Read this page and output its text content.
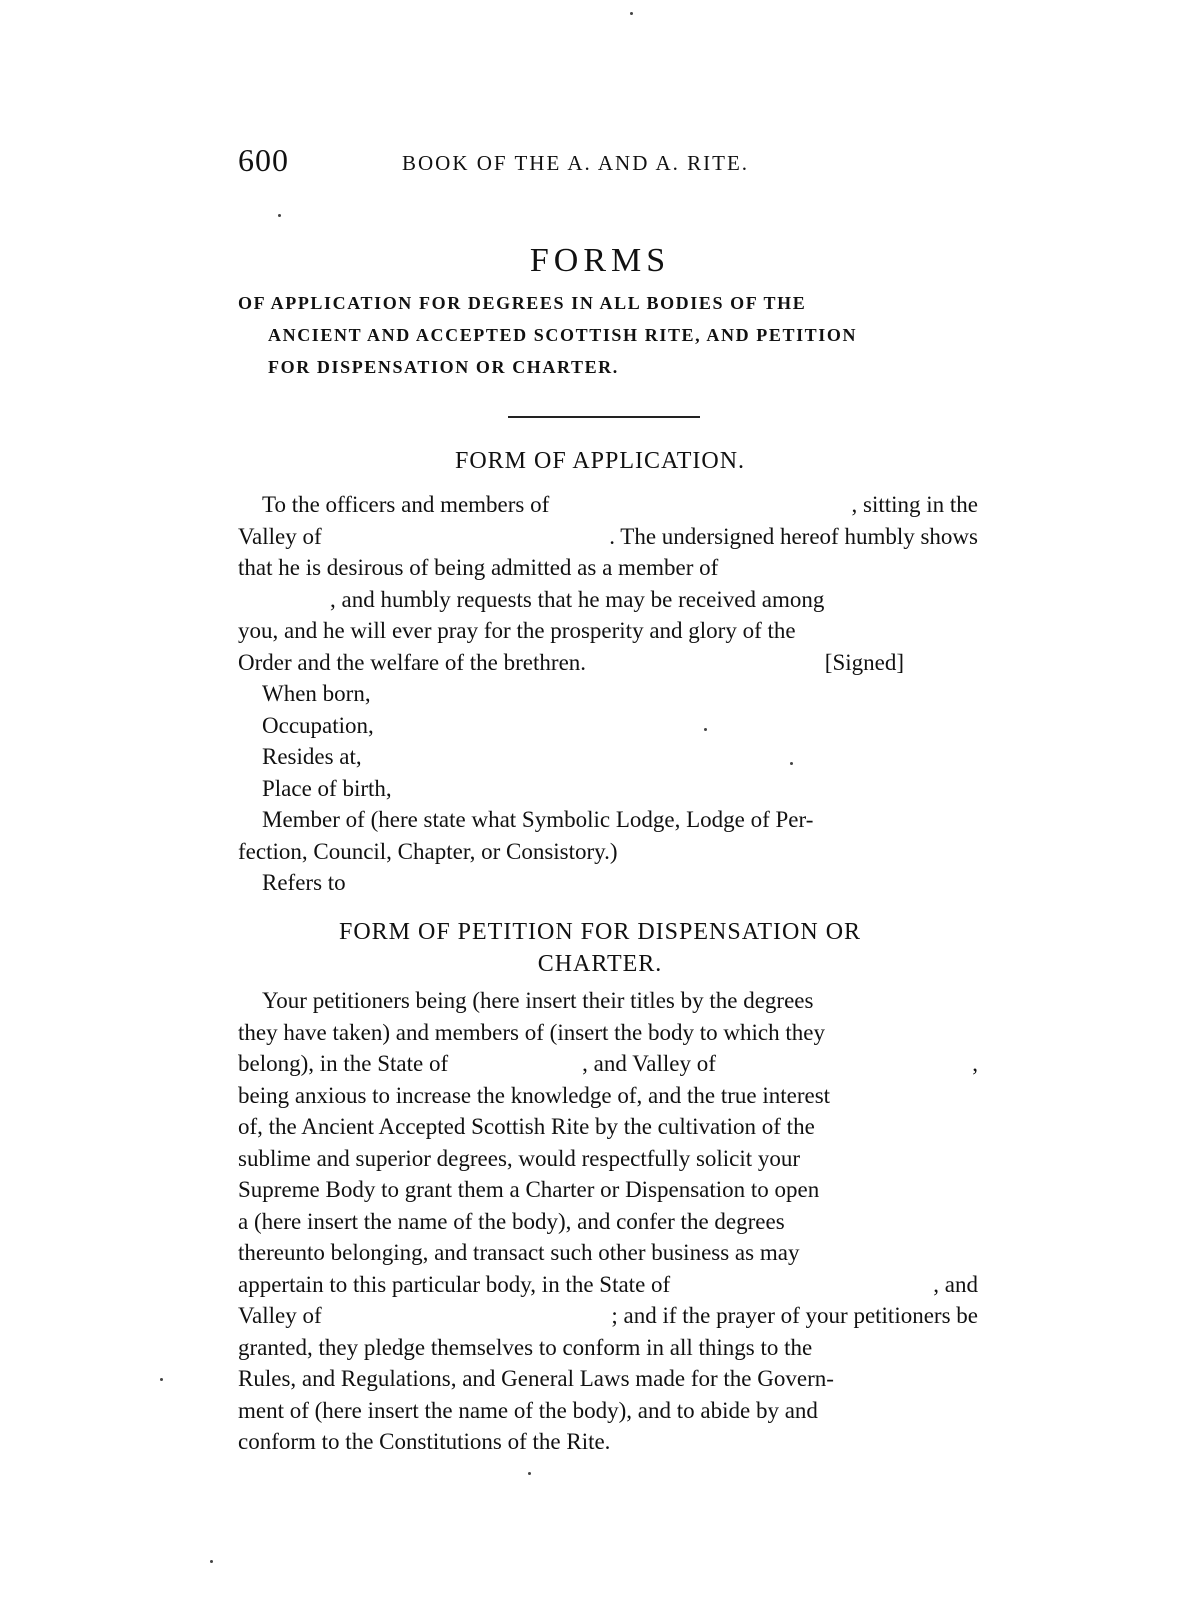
600	BOOK OF THE A. AND A. RITE.
FORMS
OF APPLICATION FOR DEGREES IN ALL BODIES OF THE
ANCIENT AND ACCEPTED SCOTTISH RITE, AND PETITION
FOR DISPENSATION OR CHARTER.
FORM OF APPLICATION.
To the officers and members of	, sitting in the
Valley of	. The undersigned hereof humbly shows
that he is desirous of being admitted as a member of
, and humbly requests that he may be received among
you, and he will ever pray for the prosperity and glory of the
Order and the welfare of the brethren.	[Signed]
When born,
Occupation,
Resides at,
Place of birth,
Member of (here state what Symbolic Lodge, Lodge of Per-
fection, Council, Chapter, or Consistory.)
Refers to
FORM OF PETITION FOR DISPENSATION OR
CHARTER.
Your petitioners being (here insert their titles by the degrees
they have taken) and members of (insert the body to which they
belong), in the State of	, and Valley of	,
being anxious to increase the knowledge of, and the true interest
of, the Ancient Accepted Scottish Rite by the cultivation of the
sublime and superior degrees, would respectfully solicit your
Supreme Body to grant them a Charter or Dispensation to open
a (here insert the name of the body), and confer the degrees
thereunto belonging, and transact such other business as may
appertain to this particular body, in the State of	, and
Valley of	; and if the prayer of your petitioners be
granted, they pledge themselves to conform in all things to the
Rules, and Regulations, and General Laws made for the Govern-
ment of (here insert the name of the body), and to abide by and
conform to the Constitutions of the Rite.
